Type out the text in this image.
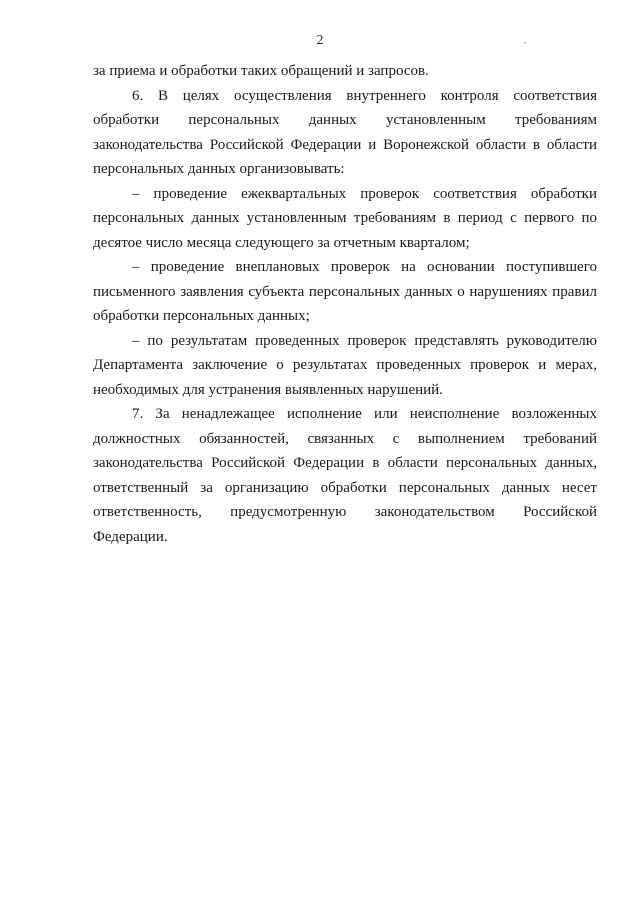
2

за приема и обработки таких обращений и запросов.

6. В целях осуществления внутреннего контроля соответствия обработки персональных данных установленным требованиям законодательства Российской Федерации и Воронежской области в области персональных данных организовывать:

– проведение ежеквартальных проверок соответствия обработки персональных данных установленным требованиям в период с первого по десятое число месяца следующего за отчетным кварталом;

– проведение внеплановых проверок на основании поступившего письменного заявления субъекта персональных данных о нарушениях правил обработки персональных данных;

– по результатам проведенных проверок представлять руководителю Департамента заключение о результатах проведенных проверок и мерах, необходимых для устранения выявленных нарушений.

7. За ненадлежащее исполнение или неисполнение возложенных должностных обязанностей, связанных с выполнением требований законодательства Российской Федерации в области персональных данных, ответственный за организацию обработки персональных данных несет ответственность, предусмотренную законодательством Российской Федерации.
